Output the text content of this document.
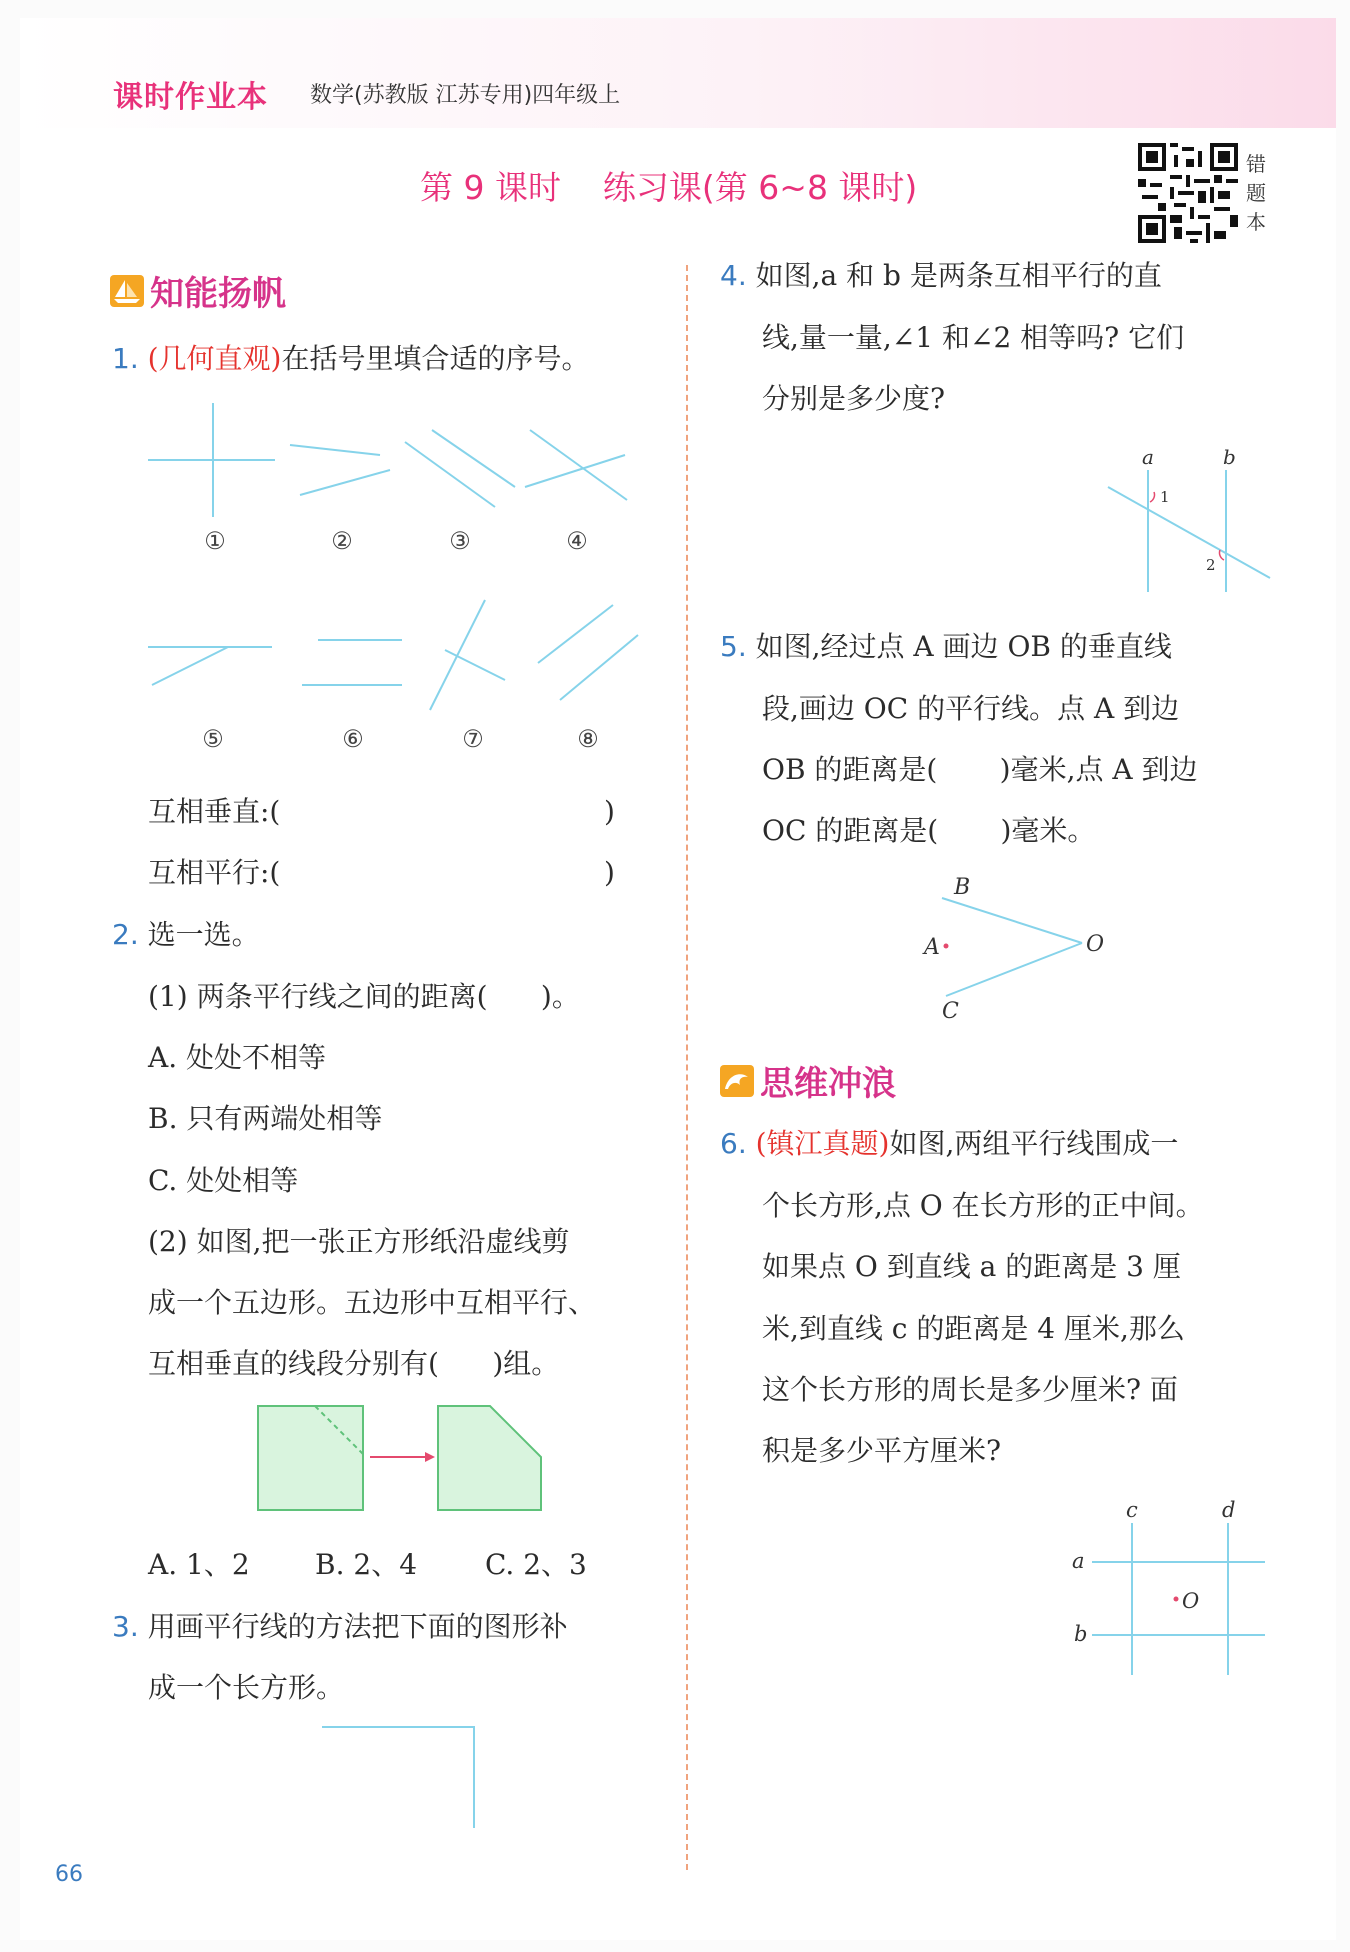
课时作业本 数学(苏教版 江苏专用)四年级上
第 9 课时    练习课(第 6~8 课时)
错
题
本
知能扬帆
1. (几何直观)在括号里填合适的序号。
①	②	③	④
⑤	⑥	⑦	⑧
互相垂直:(	)
互相平行:(	)
2. 选一选。
(1) 两条平行线之间的距离(      )。
A. 处处不相等
B. 只有两端处相等
C. 处处相等
(2) 如图,把一张正方形纸沿虚线剪
成一个五边形。五边形中互相平行、
互相垂直的线段分别有(      )组。
A. 1、2 B. 2、4 C. 2、3
3. 用画平行线的方法把下面的图形补
成一个长方形。
4. 如图,a 和 b 是两条互相平行的直
线,量一量,∠1 和∠2 相等吗? 它们
分别是多少度?
a	b
1
2
5. 如图,经过点 A 画边 OB 的垂直线
段,画边 OC 的平行线。点 A 到边
OB 的距离是(       )毫米,点 A 到边
OC 的距离是(       )毫米。
B
A	O
C
思维冲浪
6. (镇江真题)如图,两组平行线围成一
个长方形,点 O 在长方形的正中间。
如果点 O 到直线 a 的距离是 3 厘
米,到直线 c 的距离是 4 厘米,那么
这个长方形的周长是多少厘米? 面
积是多少平方厘米?
c	d
a
b
O
66
